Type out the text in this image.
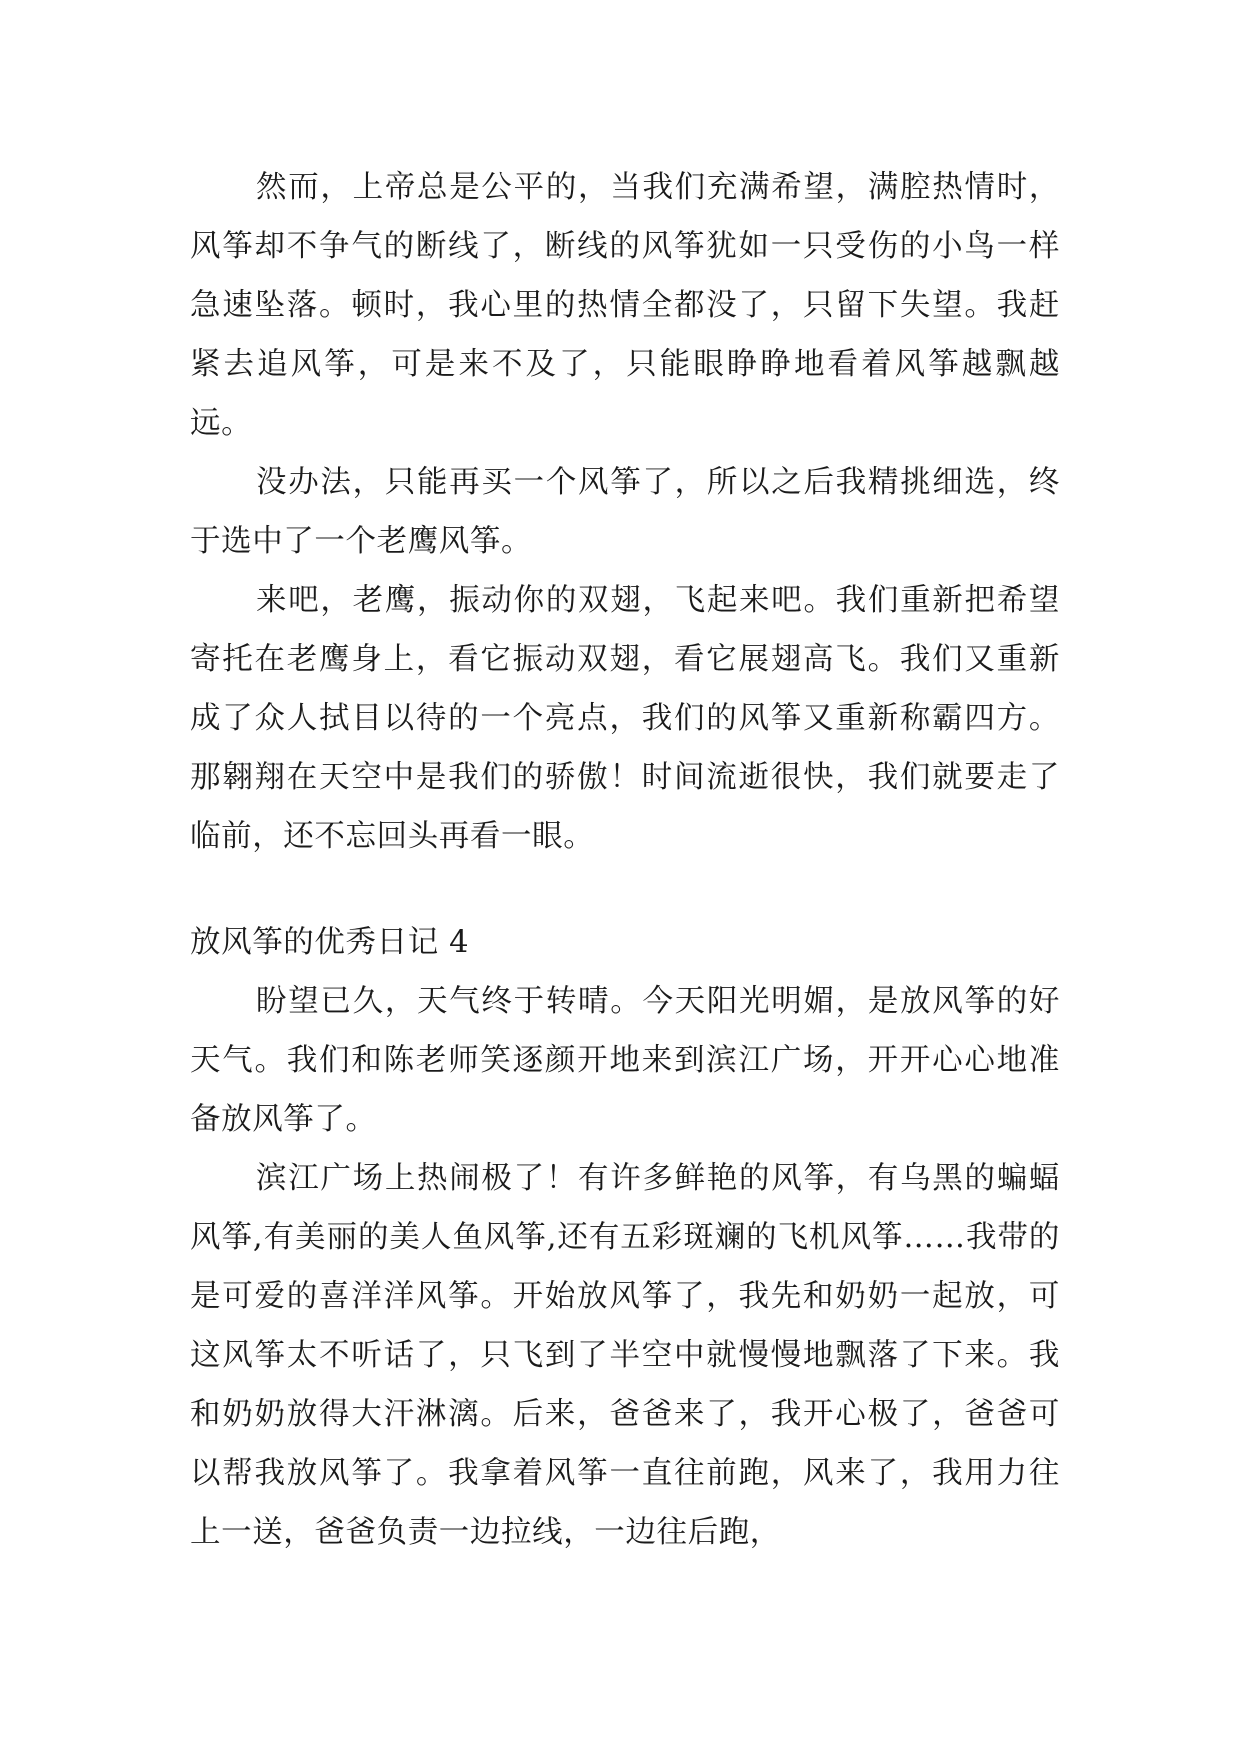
然而，上帝总是公平的，当我们充满希望，满腔热情时，风筝却不争气的断线了，断线的风筝犹如一只受伤的小鸟一样急速坠落。顿时，我心里的热情全都没了，只留下失望。我赶紧去追风筝，可是来不及了，只能眼睁睁地看着风筝越飘越远。

没办法，只能再买一个风筝了，所以之后我精挑细选，终于选中了一个老鹰风筝。

来吧，老鹰，振动你的双翅，飞起来吧。我们重新把希望寄托在老鹰身上，看它振动双翅，看它展翅高飞。我们又重新成了众人拭目以待的一个亮点，我们的风筝又重新称霸四方。那翱翔在天空中是我们的骄傲！时间流逝很快，我们就要走了临前，还不忘回头再看一眼。

放风筝的优秀日记 4

盼望已久，天气终于转晴。今天阳光明媚，是放风筝的好天气。我们和陈老师笑逐颜开地来到滨江广场，开开心心地准备放风筝了。

滨江广场上热闹极了！有许多鲜艳的风筝，有乌黑的蝙蝠风筝,有美丽的美人鱼风筝,还有五彩斑斓的飞机风筝……我带的是可爱的喜洋洋风筝。开始放风筝了，我先和奶奶一起放，可这风筝太不听话了，只飞到了半空中就慢慢地飘落了下来。我和奶奶放得大汗淋漓。后来，爸爸来了，我开心极了，爸爸可以帮我放风筝了。我拿着风筝一直往前跑，风来了，我用力往上一送，爸爸负责一边拉线，一边往后跑，
